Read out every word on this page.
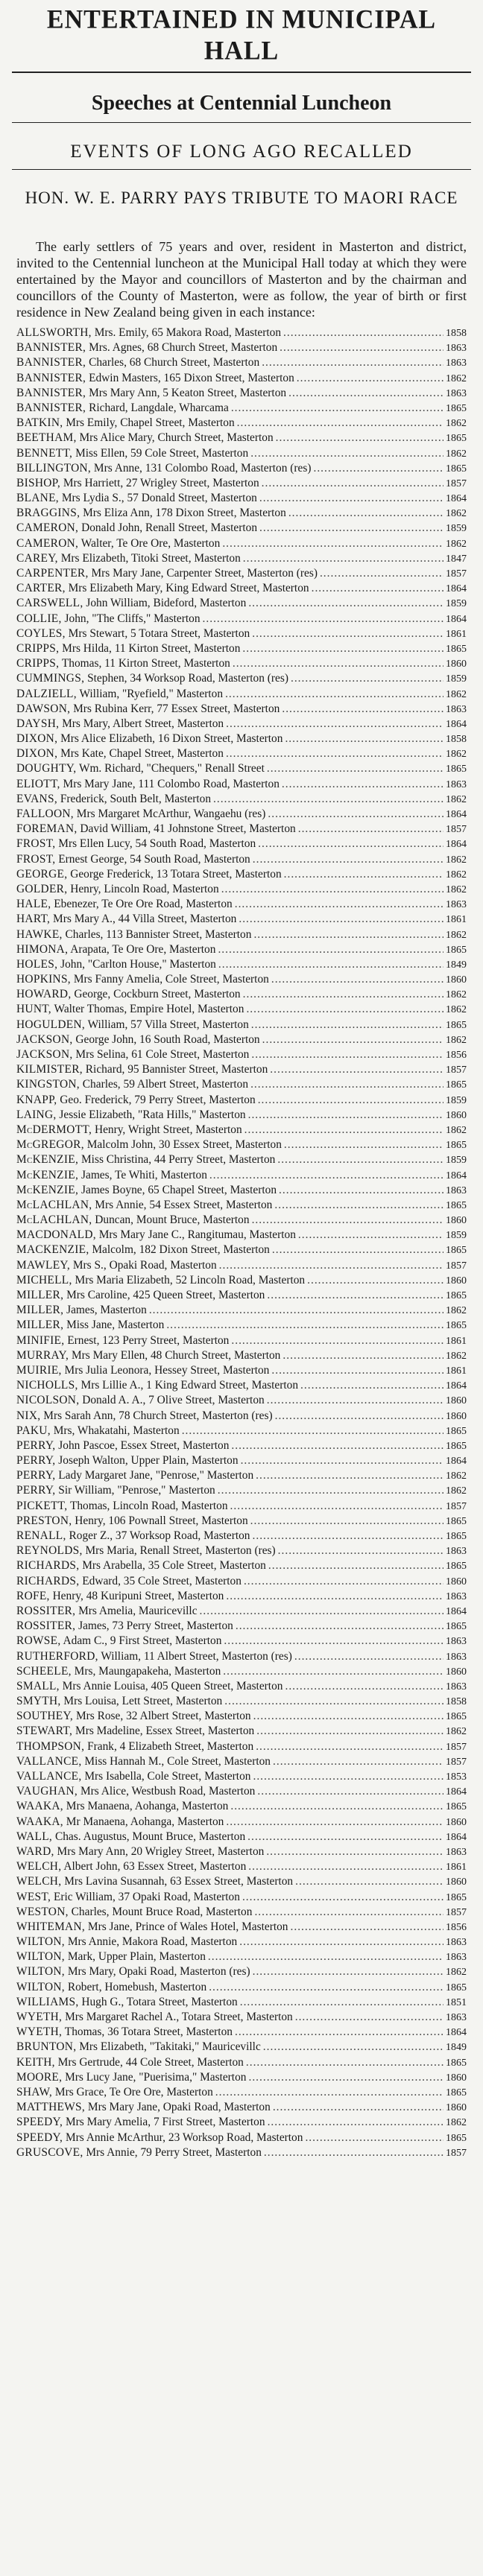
ENTERTAINED IN MUNICIPAL HALL
Speeches at Centennial Luncheon
EVENTS OF LONG AGO RECALLED
HON. W. E. PARRY PAYS TRIBUTE TO MAORI RACE
The early settlers of 75 years and over, resident in Masterton and district, invited to the Centennial luncheon at the Municipal Hall today at which they were entertained by the Mayor and councillors of Masterton and by the chairman and councillors of the County of Masterton, were as follow, the year of birth or first residence in New Zealand being given in each instance:
ALLSWORTH, Mrs. Emily, 65 Makora Road, Masterton .....	1858
BANNISTER, Mrs. Agnes, 68 Church Street, Masterton .....	1863
BANNISTER, Charles, 68 Church Street, Masterton .....	1863
BANNISTER, Edwin Masters, 165 Dixon Street, Masterton .....	1862
BANNISTER, Mrs Mary Ann, 5 Keaton Street, Masterton .....	1863
BANNISTER, Richard, Langdale, Wharcama .....	1865
BATKIN, Mrs Emily, Chapel Street, Masterton .....	1862
BEETHAM, Mrs Alice Mary, Church Street, Masterton .....	1865
BENNETT, Miss Ellen, 59 Cole Street, Masterton .....	1862
BILLINGTON, Mrs Anne, 131 Colombo Road, Masterton (res) .....	1865
BISHOP, Mrs Harriett, 27 Wrigley Street, Masterton .....	1857
BLANE, Mrs Lydia S., 57 Donald Street, Masterton .....	1864
BRAGGINS, Mrs Eliza Ann, 178 Dixon Street, Masterton .....	1862
CAMERON, Donald John, Renall Street, Masterton .....	1859
CAMERON, Walter, Te Ore Ore, Masterton .....	1862
CAREY, Mrs Elizabeth, Titoki Street, Masterton .....	1847
CARPENTER, Mrs Mary Jane, Carpenter Street, Masterton (res) .....	1857
CARTER, Mrs Elizabeth Mary, King Edward Street, Masterton .....	1864
CARSWELL, John William, Bideford, Masterton .....	1859
COLLIE, John, "The Cliffs," Masterton .....	1864
COYLES, Mrs Stewart, 5 Totara Street, Masterton .....	1861
CRIPPS, Mrs Hilda, 11 Kirton Street, Masterton .....	1865
CRIPPS, Thomas, 11 Kirton Street, Masterton .....	1860
CUMMINGS, Stephen, 34 Worksop Road, Masterton (res) .....	1859
DALZIELL, William, "Ryefield," Masterton .....	1862
DAWSON, Mrs Rubina Kerr, 77 Essex Street, Masterton .....	1863
DAYSH, Mrs Mary, Albert Street, Masterton .....	1864
DIXON, Mrs Alice Elizabeth, 16 Dixon Street, Masterton .....	1858
DIXON, Mrs Kate, Chapel Street, Masterton .....	1862
DOUGHTY, Wm. Richard, "Chequers," Renall Street .....	1865
ELIOTT, Mrs Mary Jane, 111 Colombo Road, Masterton .....	1863
EVANS, Frederick, South Belt, Masterton .....	1862
FALLOON, Mrs Margaret McArthur, Wangaehu (res) .....	1864
FOREMAN, David William, 41 Johnstone Street, Masterton .....	1857
FROST, Mrs Ellen Lucy, 54 South Road, Masterton .....	1864
FROST, Ernest George, 54 South Road, Masterton .....	1862
GEORGE, George Frederick, 13 Totara Street, Masterton .....	1862
GOLDER, Henry, Lincoln Road, Masterton .....	1862
HALE, Ebenezer, Te Ore Ore Road, Masterton .....	1863
HART, Mrs Mary A., 44 Villa Street, Masterton .....	1861
HAWKE, Charles, 113 Bannister Street, Masterton .....	1862
HIMONA, Arapata, Te Ore Ore, Masterton .....	1865
HOLES, John, "Carlton House," Masterton .....	1849
HOPKINS, Mrs Fanny Amelia, Cole Street, Masterton .....	1860
HOWARD, George, Cockburn Street, Masterton .....	1862
HUNT, Walter Thomas, Empire Hotel, Masterton .....	1862
HOGULDEN, William, 57 Villa Street, Masterton .....	1865
JACKSON, George John, 16 South Road, Masterton .....	1862
JACKSON, Mrs Selina, 61 Cole Street, Masterton .....	1856
KILMISTER, Richard, 95 Bannister Street, Masterton .....	1857
KINGSTON, Charles, 59 Albert Street, Masterton .....	1865
KNAPP, Geo. Frederick, 79 Perry Street, Masterton .....	1859
LAING, Jessie Elizabeth, "Rata Hills," Masterton .....	1860
McDERMOTT, Henry, Wright Street, Masterton .....	1862
McGREGOR, Malcolm John, 30 Essex Street, Masterton .....	1865
McKENZIE, Miss Christina, 44 Perry Street, Masterton .....	1859
McKENZIE, James, Te Whiti, Masterton .....	1864
McKENZIE, James Boyne, 65 Chapel Street, Masterton .....	1863
McLACHLAN, Mrs Annie, 54 Essex Street, Masterton .....	1865
McLACHLAN, Duncan, Mount Bruce, Masterton .....	1860
MACDONALD, Mrs Mary Jane C., Rangitumau, Masterton .....	1859
MACKENZIE, Malcolm, 182 Dixon Street, Masterton .....	1865
MAWLEY, Mrs S., Opaki Road, Masterton .....	1857
MICHELL, Mrs Maria Elizabeth, 52 Lincoln Road, Masterton .....	1860
MILLER, Mrs Caroline, 425 Queen Street, Masterton .....	1865
MILLER, James, Masterton .....	1862
MILLER, Miss Jane, Masterton .....	1865
MINIFIE, Ernest, 123 Perry Street, Masterton .....	1861
MURRAY, Mrs Mary Ellen, 48 Church Street, Masterton .....	1862
MUIRIE, Mrs Julia Leonora, Hessey Street, Masterton .....	1861
NICHOLLS, Mrs Lillie A., 1 King Edward Street, Masterton .....	1864
NICOLSON, Donald A. A., 7 Olive Street, Masterton .....	1860
NIX, Mrs Sarah Ann, 78 Church Street, Masterton (res) .....	1860
PAKU, Mrs, Whakatahi, Masterton .....	1865
PERRY, John Pascoe, Essex Street, Masterton .....	1865
PERRY, Joseph Walton, Upper Plain, Masterton .....	1864
PERRY, Lady Margaret Jane, "Penrose," Masterton .....	1862
PERRY, Sir William, "Penrose," Masterton .....	1862
PICKETT, Thomas, Lincoln Road, Masterton .....	1857
PRESTON, Henry, 106 Pownall Street, Masterton .....	1865
RENALL, Roger Z., 37 Worksop Road, Masterton .....	1865
REYNOLDS, Mrs Maria, Renall Street, Masterton (res) .....	1863
RICHARDS, Mrs Arabella, 35 Cole Street, Masterton .....	1865
RICHARDS, Edward, 35 Cole Street, Masterton .....	1860
ROFE, Henry, 48 Kuripuni Street, Masterton .....	1863
ROSSITER, Mrs Amelia, Mauricevillc .....	1864
ROSSITER, James, 73 Perry Street, Masterton .....	1865
ROWSE, Adam C., 9 First Street, Masterton .....	1863
RUTHERFORD, William, 11 Albert Street, Masterton (res) .....	1863
SCHEELE, Mrs, Maungapakeha, Masterton .....	1860
SMALL, Mrs Annie Louisa, 405 Queen Street, Masterton .....	1863
SMYTH, Mrs Louisa, Lett Street, Masterton .....	1858
SOUTHEY, Mrs Rose, 32 Albert Street, Masterton .....	1865
STEWART, Mrs Madeline, Essex Street, Masterton .....	1862
THOMPSON, Frank, 4 Elizabeth Street, Masterton .....	1857
VALLANCE, Miss Hannah M., Cole Street, Masterton .....	1857
VALLANCE, Mrs Isabella, Cole Street, Masterton .....	1853
VAUGHAN, Mrs Alice, Westbush Road, Masterton .....	1864
WAAKA, Mrs Manaena, Aohanga, Masterton .....	1865
WAAKA, Mr Manaena, Aohanga, Masterton .....	1860
WALL, Chas. Augustus, Mount Bruce, Masterton .....	1864
WARD, Mrs Mary Ann, 20 Wrigley Street, Masterton .....	1863
WELCH, Albert John, 63 Essex Street, Masterton .....	1861
WELCH, Mrs Lavina Susannah, 63 Essex Street, Masterton .....	1860
WEST, Eric William, 37 Opaki Road, Masterton .....	1865
WESTON, Charles, Mount Bruce Road, Masterton .....	1857
WHITEMAN, Mrs Jane, Prince of Wales Hotel, Masterton .....	1856
WILTON, Mrs Annie, Makora Road, Masterton .....	1863
WILTON, Mark, Upper Plain, Masterton .....	1863
WILTON, Mrs Mary, Opaki Road, Masterton (res) .....	1862
WILTON, Robert, Homebush, Masterton .....	1865
WILLIAMS, Hugh G., Totara Street, Masterton .....	1851
WYETH, Mrs Margaret Rachel A., Totara Street, Masterton .....	1863
WYETH, Thomas, 36 Totara Street, Masterton .....	1864
BRUNTON, Mrs Elizabeth, "Takitaki," Mauricevillc .....	1849
KEITH, Mrs Gertrude, 44 Cole Street, Masterton .....	1865
MOORE, Mrs Lucy Jane, "Puerisima," Masterton .....	1860
SHAW, Mrs Grace, Te Ore Ore, Masterton .....	1865
MATTHEWS, Mrs Mary Jane, Opaki Road, Masterton .....	1860
SPEEDY, Mrs Mary Amelia, 7 First Street, Masterton .....	1862
SPEEDY, Mrs Annie McArthur, 23 Worksop Road, Masterton .....	1865
GRUSCOVE, Mrs Annie, 79 Perry Street, Masterton .....	1857
